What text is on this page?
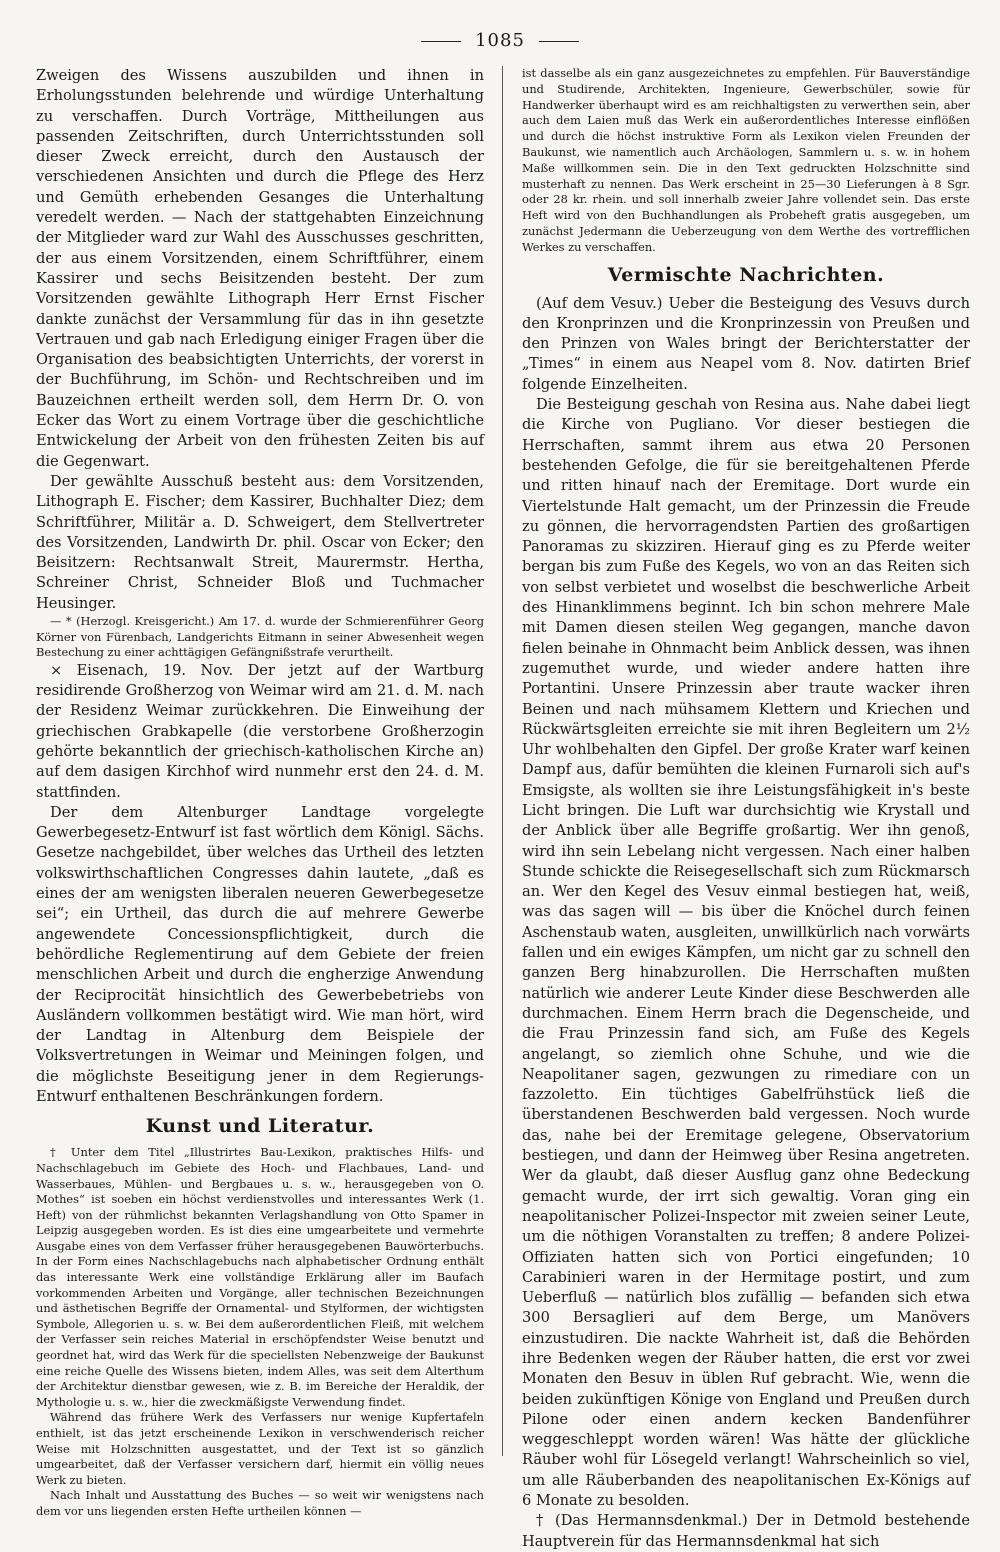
1085

Zweigen des Wissens auszubilden und ihnen in Erholungsstunden belehrende und würdige Unterhaltung zu verschaffen. Durch Vorträge, Mittheilungen aus passenden Zeitschriften, durch Unterrichtsstunden soll dieser Zweck erreicht, durch den Austausch der verschiedenen Ansichten und durch die Pflege des Herz und Gemüth erhebenden Gesanges die Unterhaltung veredelt werden. — Nach der stattgehabten Einzeichnung der Mitglieder ward zur Wahl des Ausschusses geschritten, der aus einem Vorsitzenden, einem Schriftführer, einem Kassirer und sechs Beisitzenden besteht. Der zum Vorsitzenden gewählte Lithograph Herr Ernst Fischer dankte zunächst der Versammlung für das in ihn gesetzte Vertrauen und gab nach Erledigung einiger Fragen über die Organisation des beabsichtigten Unterrichts, der vorerst in der Buchführung, im Schön- und Rechtschreiben und im Bauzeichnen ertheilt werden soll, dem Herrn Dr. O. von Ecker das Wort zu einem Vortrage über die geschichtliche Entwickelung der Arbeit von den frühesten Zeiten bis auf die Gegenwart.

Der gewählte Ausschuß besteht aus: dem Vorsitzenden, Lithograph E. Fischer; dem Kassirer, Buchhalter Diez; dem Schriftführer, Militär a. D. Schweigert, dem Stellvertreter des Vorsitzenden, Landwirth Dr. phil. Oscar von Ecker; den Beisitzern: Rechtsanwalt Streit, Maurermstr. Hertha, Schreiner Christ, Schneider Bloß und Tuchmacher Heusinger.

— * (Herzogl. Kreisgericht.) Am 17. d. wurde der Schmierenführer Georg Körner von Fürenbach, Landgerichts Eitmann in seiner Abwesenheit wegen Bestechung zu einer achttägigen Gefängnißstrafe verurtheilt.

⨯ Eisenach, 19. Nov. Der jetzt auf der Wartburg residirende Großherzog von Weimar wird am 21. d. M. nach der Residenz Weimar zurückkehren. Die Einweihung der griechischen Grabkapelle (die verstorbene Großherzogin gehörte bekanntlich der griechisch-katholischen Kirche an) auf dem dasigen Kirchhof wird nunmehr erst den 24. d. M. stattfinden.

Der dem Altenburger Landtage vorgelegte Gewerbegesetz-Entwurf ist fast wörtlich dem Königl. Sächs. Gesetze nachgebildet, über welches das Urtheil des letzten volkswirthschaftlichen Congresses dahin lautete, „daß es eines der am wenigsten liberalen neueren Gewerbegesetze sei“; ein Urtheil, das durch die auf mehrere Gewerbe angewendete Concessionspflichtigkeit, durch die behördliche Reglementirung auf dem Gebiete der freien menschlichen Arbeit und durch die engherzige Anwendung der Reciprocität hinsichtlich des Gewerbebetriebs von Ausländern vollkommen bestätigt wird. Wie man hört, wird der Landtag in Altenburg dem Beispiele der Volksvertretungen in Weimar und Meiningen folgen, und die möglichste Beseitigung jener in dem Regierungs-Entwurf enthaltenen Beschränkungen fordern.

Kunst und Literatur.

† Unter dem Titel „Illustrirtes Bau-Lexikon, praktisches Hilfs- und Nachschlagebuch im Gebiete des Hoch- und Flachbaues, Land- und Wasserbaues, Mühlen- und Bergbaues u. s. w., herausgegeben von O. Mothes“ ist soeben ein höchst verdienstvolles und interessantes Werk (1. Heft) von der rühmlichst bekannten Verlagshandlung von Otto Spamer in Leipzig ausgegeben worden. Es ist dies eine umgearbeitete und vermehrte Ausgabe eines von dem Verfasser früher herausgegebenen Bauwörterbuchs. In der Form eines Nachschlagebuchs nach alphabetischer Ordnung enthält das interessante Werk eine vollständige Erklärung aller im Baufach vorkommenden Arbeiten und Vorgänge, aller technischen Bezeichnungen und ästhetischen Begriffe der Ornamental- und Stylformen, der wichtigsten Symbole, Allegorien u. s. w. Bei dem außerordentlichen Fleiß, mit welchem der Verfasser sein reiches Material in erschöpfendster Weise benutzt und geordnet hat, wird das Werk für die speciellsten Nebenzweige der Baukunst eine reiche Quelle des Wissens bieten, indem Alles, was seit dem Alterthum der Architektur dienstbar gewesen, wie z. B. im Bereiche der Heraldik, der Mythologie u. s. w., hier die zweckmäßigste Verwendung findet.

Während das frühere Werk des Verfassers nur wenige Kupfertafeln enthielt, ist das jetzt erscheinende Lexikon in verschwenderisch reicher Weise mit Holzschnitten ausgestattet, und der Text ist so gänzlich umgearbeitet, daß der Verfasser versichern darf, hiermit ein völlig neues Werk zu bieten.

Nach Inhalt und Ausstattung des Buches — so weit wir wenigstens nach dem vor uns liegenden ersten Hefte urtheilen können —

ist dasselbe als ein ganz ausgezeichnetes zu empfehlen. Für Bauverständige und Studirende, Architekten, Ingenieure, Gewerbschüler, sowie für Handwerker überhaupt wird es am reichhaltigsten zu verwerthen sein, aber auch dem Laien muß das Werk ein außerordentliches Interesse einflößen und durch die höchst instruktive Form als Lexikon vielen Freunden der Baukunst, wie namentlich auch Archäologen, Sammlern u. s. w. in hohem Maße willkommen sein. Die in den Text gedruckten Holzschnitte sind musterhaft zu nennen. Das Werk erscheint in 25—30 Lieferungen à 8 Sgr. oder 28 kr. rhein. und soll innerhalb zweier Jahre vollendet sein. Das erste Heft wird von den Buchhandlungen als Probeheft gratis ausgegeben, um zunächst Jedermann die Ueberzeugung von dem Werthe des vortrefflichen Werkes zu verschaffen.

Vermischte Nachrichten.

(Auf dem Vesuv.) Ueber die Besteigung des Vesuvs durch den Kronprinzen und die Kronprinzessin von Preußen und den Prinzen von Wales bringt der Berichterstatter der „Times“ in einem aus Neapel vom 8. Nov. datirten Brief folgende Einzelheiten.

Die Besteigung geschah von Resina aus. Nahe dabei liegt die Kirche von Pugliano. Vor dieser bestiegen die Herrschaften, sammt ihrem aus etwa 20 Personen bestehenden Gefolge, die für sie bereitgehaltenen Pferde und ritten hinauf nach der Eremitage. Dort wurde ein Viertelstunde Halt gemacht, um der Prinzessin die Freude zu gönnen, die hervorragendsten Partien des großartigen Panoramas zu skizziren. Hierauf ging es zu Pferde weiter bergan bis zum Fuße des Kegels, wo von an das Reiten sich von selbst verbietet und woselbst die beschwerliche Arbeit des Hinanklimmens beginnt. Ich bin schon mehrere Male mit Damen diesen steilen Weg gegangen, manche davon fielen beinahe in Ohnmacht beim Anblick dessen, was ihnen zugemuthet wurde, und wieder andere hatten ihre Portantini. Unsere Prinzessin aber traute wacker ihren Beinen und nach mühsamem Klettern und Kriechen und Rückwärtsgleiten erreichte sie mit ihren Begleitern um 2½ Uhr wohlbehalten den Gipfel. Der große Krater warf keinen Dampf aus, dafür bemühten die kleinen Furnaroli sich auf's Emsigste, als wollten sie ihre Leistungsfähigkeit in's beste Licht bringen. Die Luft war durchsichtig wie Krystall und der Anblick über alle Begriffe großartig. Wer ihn genoß, wird ihn sein Lebelang nicht vergessen. Nach einer halben Stunde schickte die Reisegesellschaft sich zum Rückmarsch an. Wer den Kegel des Vesuv einmal bestiegen hat, weiß, was das sagen will — bis über die Knöchel durch feinen Aschenstaub waten, ausgleiten, unwillkürlich nach vorwärts fallen und ein ewiges Kämpfen, um nicht gar zu schnell den ganzen Berg hinabzurollen. Die Herrschaften mußten natürlich wie anderer Leute Kinder diese Beschwerden alle durchmachen. Einem Herrn brach die Degenscheide, und die Frau Prinzessin fand sich, am Fuße des Kegels angelangt, so ziemlich ohne Schuhe, und wie die Neapolitaner sagen, gezwungen zu rimediare con un fazzoletto. Ein tüchtiges Gabelfrühstück ließ die überstandenen Beschwerden bald vergessen. Noch wurde das, nahe bei der Eremitage gelegene, Observatorium bestiegen, und dann der Heimweg über Resina angetreten. Wer da glaubt, daß dieser Ausflug ganz ohne Bedeckung gemacht wurde, der irrt sich gewaltig. Voran ging ein neapolitanischer Polizei-Inspector mit zweien seiner Leute, um die nöthigen Voranstalten zu treffen; 8 andere Polizei-Offiziaten hatten sich von Portici eingefunden; 10 Carabinieri waren in der Hermitage postirt, und zum Ueberfluß — natürlich blos zufällig — befanden sich etwa 300 Bersaglieri auf dem Berge, um Manövers einzustudiren. Die nackte Wahrheit ist, daß die Behörden ihre Bedenken wegen der Räuber hatten, die erst vor zwei Monaten den Besuv in üblen Ruf gebracht. Wie, wenn die beiden zukünftigen Könige von England und Preußen durch Pilone oder einen andern kecken Bandenführer weggeschleppt worden wären! Was hätte der glückliche Räuber wohl für Lösegeld verlangt! Wahrscheinlich so viel, um alle Räuberbanden des neapolitanischen Ex-Königs auf 6 Monate zu besolden.

† (Das Hermannsdenkmal.) Der in Detmold bestehende Hauptverein für das Hermannsdenkmal hat sich
